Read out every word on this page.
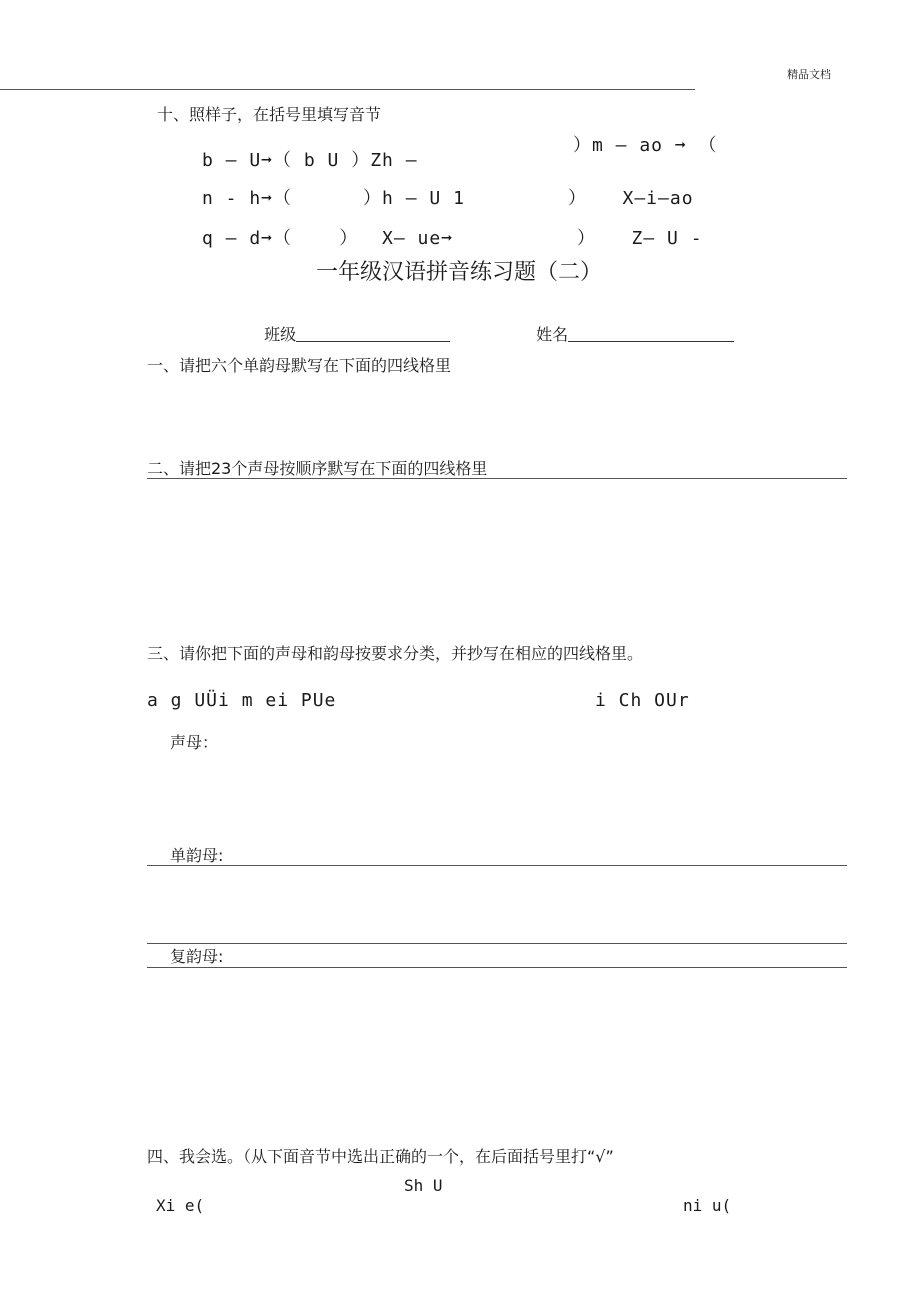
精品文档
十、照样子，在括号里填写音节
b — U➞（ b U ）Zh —
）m — ao ➞ （
n - h➞（      ）h — U 1	）   X—i—ao
q — d➞（    ）  X— ue➞	）   Z— U -
一年级汉语拼音练习题（二）

班级	姓名

一、请把六个单韵母默写在下面的四线格里
二、请把23个声母按顺序默写在下面的四线格里
三、请你把下面的声母和韵母按要求分类，并抄写在相应的四线格里。
a g UÜi m ei PUe	i Ch OUr
声母：
单韵母:
复韵母:
四、我会选。（从下面音节中选出正确的一个，在后面括号里打“√”
Sh U
Xi e(	ni u(
